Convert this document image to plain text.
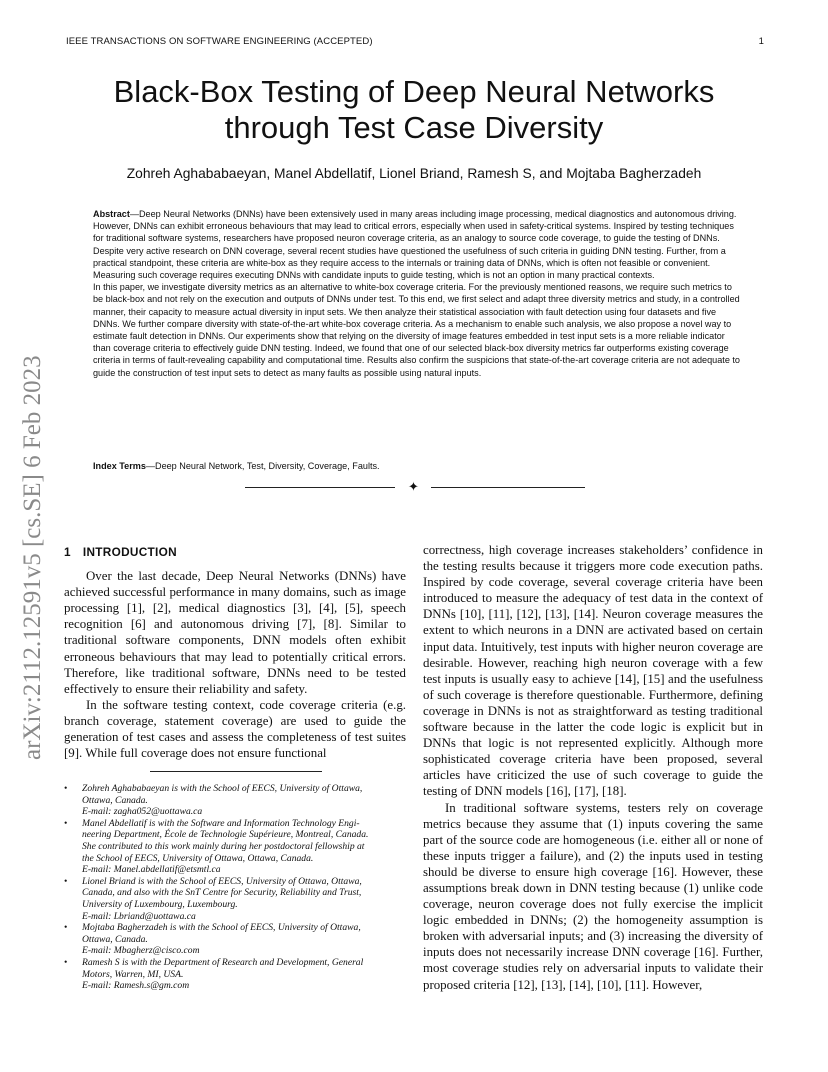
IEEE TRANSACTIONS ON SOFTWARE ENGINEERING (ACCEPTED)	1
arXiv:2112.12591v5 [cs.SE] 6 Feb 2023
Black-Box Testing of Deep Neural Networks
through Test Case Diversity
Zohreh Aghababaeyan, Manel Abdellatif, Lionel Briand, Ramesh S, and Mojtaba Bagherzadeh

Abstract—Deep Neural Networks (DNNs) have been extensively used in many areas including image processing, medical diagnostics and autonomous driving. However, DNNs can exhibit erroneous behaviours that may lead to critical errors, especially when used in safety-critical systems. Inspired by testing techniques for traditional software systems, researchers have proposed neuron coverage criteria, as an analogy to source code coverage, to guide the testing of DNNs. Despite very active research on DNN coverage, several recent studies have questioned the usefulness of such criteria in guiding DNN testing. Further, from a practical standpoint, these criteria are white-box as they require access to the internals or training data of DNNs, which is often not feasible or convenient. Measuring such coverage requires executing DNNs with candidate inputs to guide testing, which is not an option in many practical contexts.

In this paper, we investigate diversity metrics as an alternative to white-box coverage criteria. For the previously mentioned reasons, we require such metrics to be black-box and not rely on the execution and outputs of DNNs under test. To this end, we first select and adapt three diversity metrics and study, in a controlled manner, their capacity to measure actual diversity in input sets. We then analyze their statistical association with fault detection using four datasets and five DNNs. We further compare diversity with state-of-the-art white-box coverage criteria. As a mechanism to enable such analysis, we also propose a novel way to estimate fault detection in DNNs. Our experiments show that relying on the diversity of image features embedded in test input sets is a more reliable indicator than coverage criteria to effectively guide DNN testing. Indeed, we found that one of our selected black-box diversity metrics far outperforms existing coverage criteria in terms of fault-revealing capability and computational time. Results also confirm the suspicions that state-of-the-art coverage criteria are not adequate to guide the construction of test input sets to detect as many faults as possible using natural inputs.

Index Terms—Deep Neural Network, Test, Diversity, Coverage, Faults.
✦

1 INTRODUCTION

Over the last decade, Deep Neural Networks (DNNs) have achieved successful performance in many domains, such as image processing [1], [2], medical diagnostics [3], [4], [5], speech recognition [6] and autonomous driving [7], [8]. Similar to traditional software components, DNN models often exhibit erroneous behaviours that may lead to potentially critical errors. Therefore, like traditional software, DNNs need to be tested effectively to ensure their reliability and safety.

In the software testing context, code coverage criteria (e.g. branch coverage, statement coverage) are used to guide the generation of test cases and assess the completeness of test suites [9]. While full coverage does not ensure functional

• Zohreh Aghababaeyan is with the School of EECS, University of Ottawa,
Ottawa, Canada.
E-mail: zagha052@uottawa.ca
• Manel Abdellatif is with the Software and Information Technology Engi-
neering Department, École de Technologie Supérieure, Montreal, Canada.
She contributed to this work mainly during her postdoctoral fellowship at
the School of EECS, University of Ottawa, Ottawa, Canada.
E-mail: Manel.abdellatif@etsmtl.ca
• Lionel Briand is with the School of EECS, University of Ottawa, Ottawa,
Canada, and also with the SnT Centre for Security, Reliability and Trust,
University of Luxembourg, Luxembourg.
E-mail: Lbriand@uottawa.ca
• Mojtaba Bagherzadeh is with the School of EECS, University of Ottawa,
Ottawa, Canada.
E-mail: Mbagherz@cisco.com
• Ramesh S is with the Department of Research and Development, General
Motors, Warren, MI, USA.
E-mail: Ramesh.s@gm.com

correctness, high coverage increases stakeholders’ confidence in the testing results because it triggers more code execution paths. Inspired by code coverage, several coverage criteria have been introduced to measure the adequacy of test data in the context of DNNs [10], [11], [12], [13], [14]. Neuron coverage measures the extent to which neurons in a DNN are activated based on certain input data. Intuitively, test inputs with higher neuron coverage are desirable. However, reaching high neuron coverage with a few test inputs is usually easy to achieve [14], [15] and the usefulness of such coverage is therefore questionable. Furthermore, defining coverage in DNNs is not as straightforward as testing traditional software because in the latter the code logic is explicit but in DNNs that logic is not represented explicitly. Although more sophisticated coverage criteria have been proposed, several articles have criticized the use of such coverage to guide the testing of DNN models [16], [17], [18].

In traditional software systems, testers rely on coverage metrics because they assume that (1) inputs covering the same part of the source code are homogeneous (i.e. either all or none of these inputs trigger a failure), and (2) the inputs used in testing should be diverse to ensure high coverage [16]. However, these assumptions break down in DNN testing because (1) unlike code coverage, neuron coverage does not fully exercise the implicit logic embedded in DNNs; (2) the homogeneity assumption is broken with adversarial inputs; and (3) increasing the diversity of inputs does not necessarily increase DNN coverage [16]. Further, most coverage studies rely on adversarial inputs to validate their proposed criteria [12], [13], [14], [10], [11]. However,
